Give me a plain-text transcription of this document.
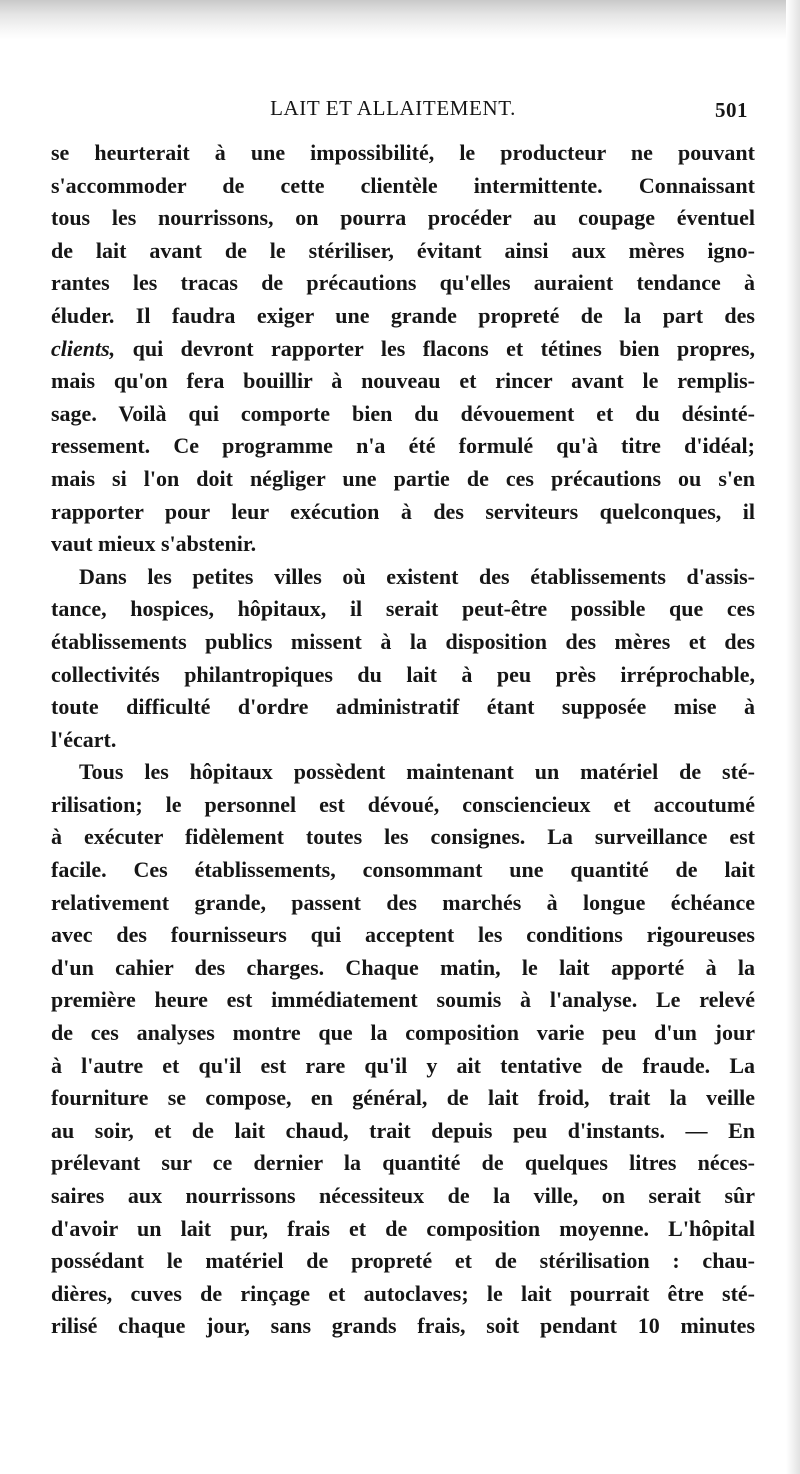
LAIT ET ALLAITEMENT.	501

se heurterait à une impossibilité, le producteur ne pouvant
s'accommoder de cette clientèle intermittente. Connaissant
tous les nourrissons, on pourra procéder au coupage éventuel
de lait avant de le stériliser, évitant ainsi aux mères igno-
rantes les tracas de précautions qu'elles auraient tendance à
éluder. Il faudra exiger une grande propreté de la part des
clients, qui devront rapporter les flacons et tétines bien propres,
mais qu'on fera bouillir à nouveau et rincer avant le remplis-
sage. Voilà qui comporte bien du dévouement et du désinté-
ressement. Ce programme n'a été formulé qu'à titre d'idéal;
mais si l'on doit négliger une partie de ces précautions ou s'en
rapporter pour leur exécution à des serviteurs quelconques, il
vaut mieux s'abstenir.

Dans les petites villes où existent des établissements d'assis-
tance, hospices, hôpitaux, il serait peut-être possible que ces
établissements publics missent à la disposition des mères et des
collectivités philantropiques du lait à peu près irréprochable,
toute difficulté d'ordre administratif étant supposée mise à
l'écart.

Tous les hôpitaux possèdent maintenant un matériel de sté-
rilisation; le personnel est dévoué, consciencieux et accoutumé
à exécuter fidèlement toutes les consignes. La surveillance est
facile. Ces établissements, consommant une quantité de lait
relativement grande, passent des marchés à longue échéance
avec des fournisseurs qui acceptent les conditions rigoureuses
d'un cahier des charges. Chaque matin, le lait apporté à la
première heure est immédiatement soumis à l'analyse. Le relevé
de ces analyses montre que la composition varie peu d'un jour
à l'autre et qu'il est rare qu'il y ait tentative de fraude. La
fourniture se compose, en général, de lait froid, trait la veille
au soir, et de lait chaud, trait depuis peu d'instants. — En
prélevant sur ce dernier la quantité de quelques litres néces-
saires aux nourrissons nécessiteux de la ville, on serait sûr
d'avoir un lait pur, frais et de composition moyenne. L'hôpital
possédant le matériel de propreté et de stérilisation : chau-
dières, cuves de rinçage et autoclaves; le lait pourrait être sté-
rilisé chaque jour, sans grands frais, soit pendant 10 minutes
